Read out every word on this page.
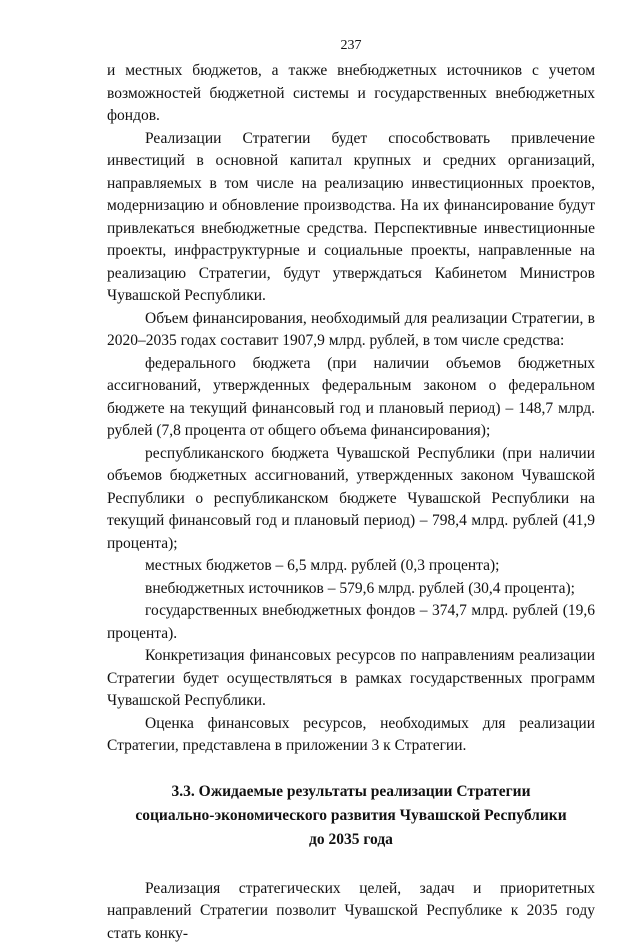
237

и местных бюджетов, а также внебюджетных источников с учетом возможностей бюджетной системы и государственных внебюджетных фондов.

Реализации Стратегии будет способствовать привлечение инвестиций в основной капитал крупных и средних организаций, направляемых в том числе на реализацию инвестиционных проектов, модернизацию и обновление производства. На их финансирование будут привлекаться внебюджетные средства. Перспективные инвестиционные проекты, инфраструктурные и социальные проекты, направленные на реализацию Стратегии, будут утверждаться Кабинетом Министров Чувашской Республики.

Объем финансирования, необходимый для реализации Стратегии, в 2020–2035 годах составит 1907,9 млрд. рублей, в том числе средства:

федерального бюджета (при наличии объемов бюджетных ассигнований, утвержденных федеральным законом о федеральном бюджете на текущий финансовый год и плановый период) – 148,7 млрд. рублей (7,8 процента от общего объема финансирования);

республиканского бюджета Чувашской Республики (при наличии объемов бюджетных ассигнований, утвержденных законом Чувашской Республики о республиканском бюджете Чувашской Республики на текущий финансовый год и плановый период) – 798,4 млрд. рублей (41,9 процента);

местных бюджетов – 6,5 млрд. рублей (0,3 процента);

внебюджетных источников – 579,6 млрд. рублей (30,4 процента);

государственных внебюджетных фондов – 374,7 млрд. рублей (19,6 процента).

Конкретизация финансовых ресурсов по направлениям реализации Стратегии будет осуществляться в рамках государственных программ Чувашской Республики.

Оценка финансовых ресурсов, необходимых для реализации Стратегии, представлена в приложении 3 к Стратегии.

3.3. Ожидаемые результаты реализации Стратегии
социально-экономического развития Чувашской Республики
до 2035 года

Реализация стратегических целей, задач и приоритетных направлений Стратегии позволит Чувашской Республике к 2035 году стать конку-
